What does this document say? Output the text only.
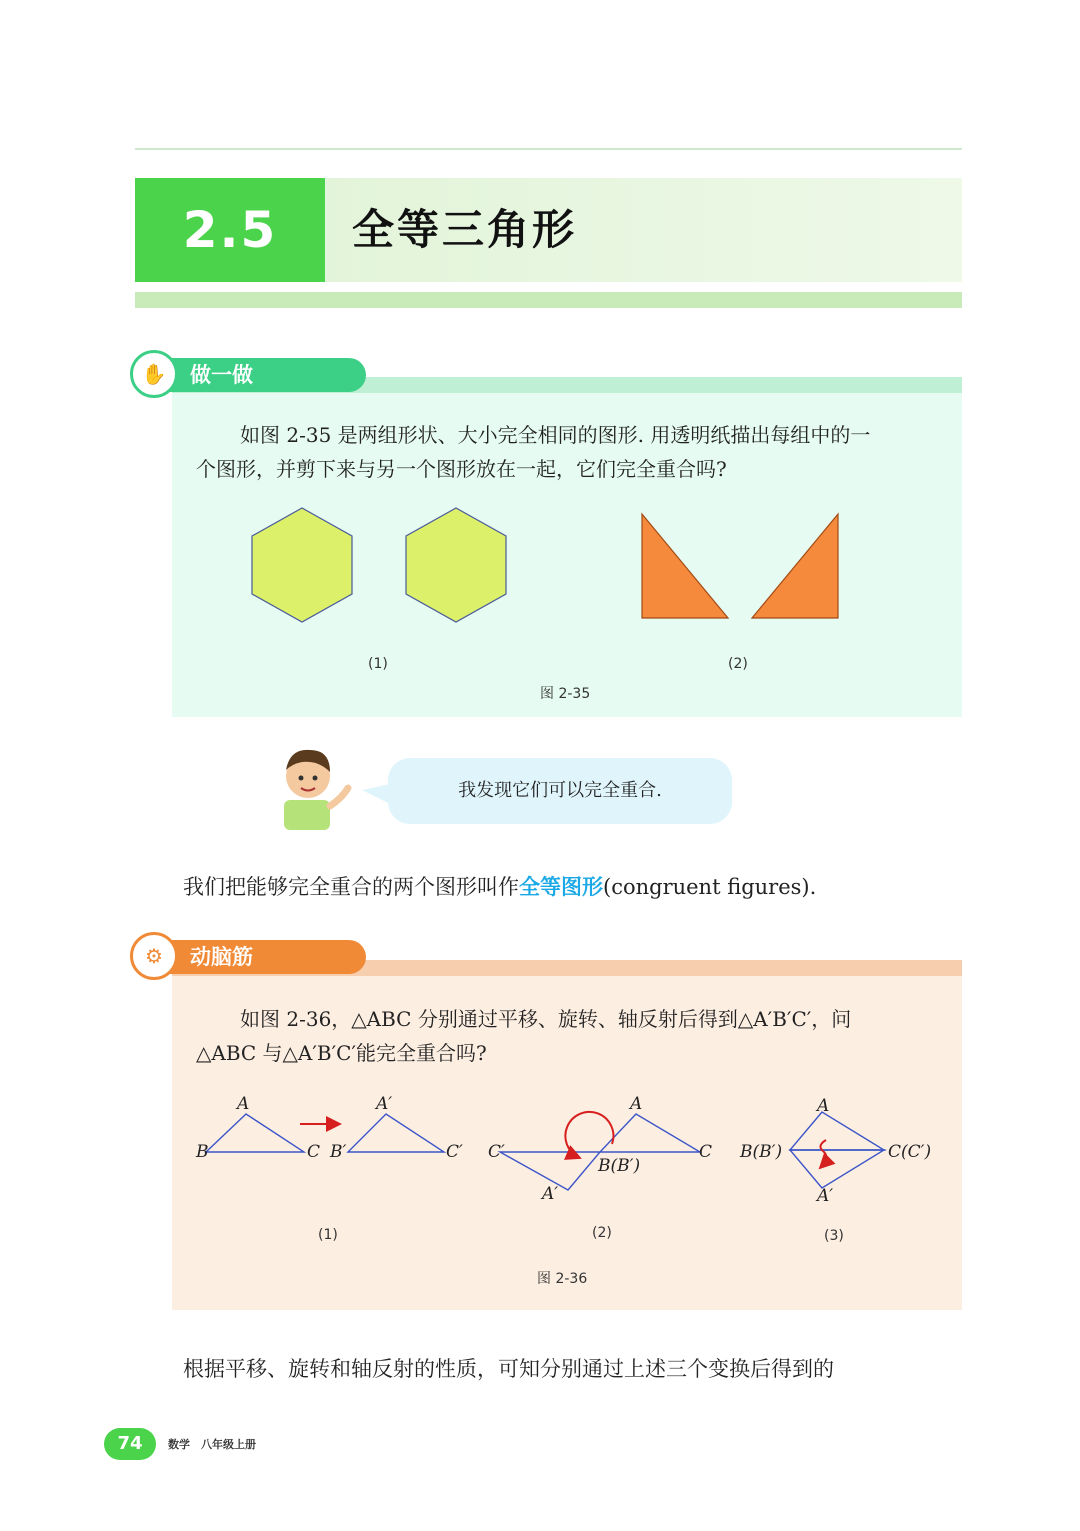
2.5	全等三角形
做一做
✋
如图 2-35 是两组形状、大小完全相同的图形. 用透明纸描出每组中的一
个图形，并剪下来与另一个图形放在一起，它们完全重合吗?
(1)	(2)
图 2-35
我发现它们可以完全重合.
我们把能够完全重合的两个图形叫作全等图形(congruent figures).
动脑筋
⚙
如图 2-36，△ABC 分别通过平移、旋转、轴反射后得到△A′B′C′，问
△ABC 与△A′B′C′能完全重合吗?
A
B	C
A′
B′	C′
(1)
A
C
C′
A′
B(B′)
(2)
A
B(B′)	C(C′)
A′
(3)
图 2-36
根据平移、旋转和轴反射的性质，可知分别通过上述三个变换后得到的
74	数学　八年级上册
